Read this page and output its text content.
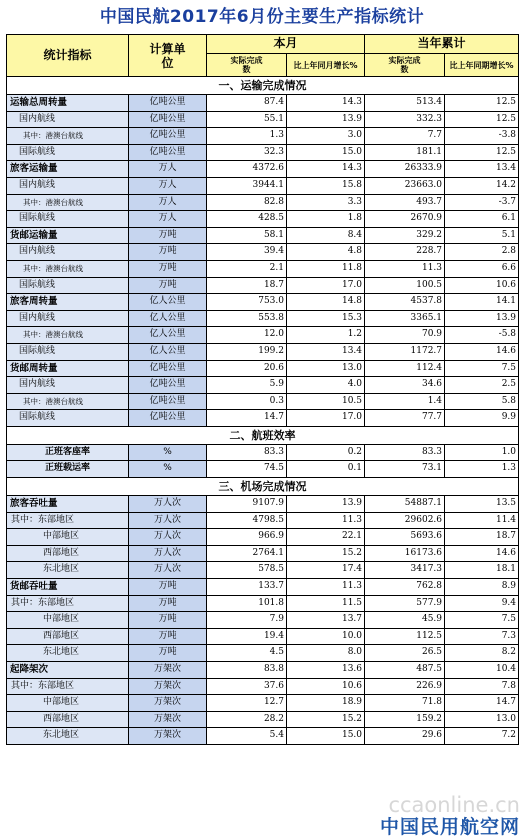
中国民航2017年6月份主要生产指标统计
统计指标	计算单位	本月		当年累计	
		实际完成数	比上年同月增长%	实际完成数	比上年同期增长%
一、运输完成情况					
运输总周转量	亿吨公里	87.4	14.3	513.4	12.5
国内航线	亿吨公里	55.1	13.9	332.3	12.5
其中：港澳台航线	亿吨公里	1.3	3.0	7.7	-3.8
国际航线	亿吨公里	32.3	15.0	181.1	12.5
旅客运输量	万人	4372.6	14.3	26333.9	13.4
国内航线	万人	3944.1	15.8	23663.0	14.2
其中：港澳台航线	万人	82.8	3.3	493.7	-3.7
国际航线	万人	428.5	1.8	2670.9	6.1
货邮运输量	万吨	58.1	8.4	329.2	5.1
国内航线	万吨	39.4	4.8	228.7	2.8
其中：港澳台航线	万吨	2.1	11.8	11.3	6.6
国际航线	万吨	18.7	17.0	100.5	10.6
旅客周转量	亿人公里	753.0	14.8	4537.8	14.1
国内航线	亿人公里	553.8	15.3	3365.1	13.9
其中：港澳台航线	亿人公里	12.0	1.2	70.9	-5.8
国际航线	亿人公里	199.2	13.4	1172.7	14.6
货邮周转量	亿吨公里	20.6	13.0	112.4	7.5
国内航线	亿吨公里	5.9	4.0	34.6	2.5
其中：港澳台航线	亿吨公里	0.3	10.5	1.4	5.8
国际航线	亿吨公里	14.7	17.0	77.7	9.9
二、航班效率					
正班客座率	%	83.3	0.2	83.3	1.0
正班载运率	%	74.5	0.1	73.1	1.3
三、机场完成情况					
旅客吞吐量	万人次	9107.9	13.9	54887.1	13.5
其中：东部地区	万人次	4798.5	11.3	29602.6	11.4
中部地区	万人次	966.9	22.1	5693.6	18.7
西部地区	万人次	2764.1	15.2	16173.6	14.6
东北地区	万人次	578.5	17.4	3417.3	18.1
货邮吞吐量	万吨	133.7	11.3	762.8	8.9
其中：东部地区	万吨	101.8	11.5	577.9	9.4
中部地区	万吨	7.9	13.7	45.9	7.5
西部地区	万吨	19.4	10.0	112.5	7.3
东北地区	万吨	4.5	8.0	26.5	8.2
起降架次	万架次	83.8	13.6	487.5	10.4
其中：东部地区	万架次	37.6	10.6	226.9	7.8
中部地区	万架次	12.7	18.9	71.8	14.7
西部地区	万架次	28.2	15.2	159.2	13.0
东北地区	万架次	5.4	15.0	29.6	7.2
ccaonline.cn
中国民用航空网
